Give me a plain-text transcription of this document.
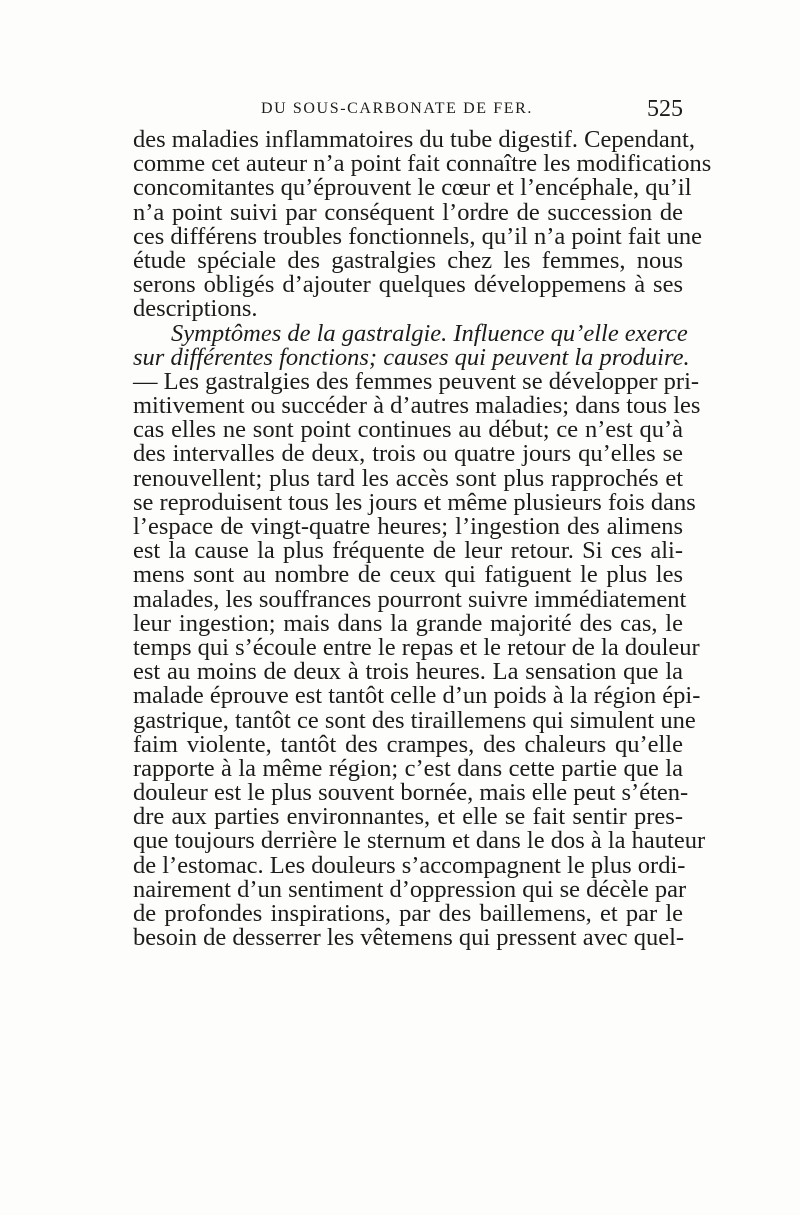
DU SOUS-CARBONATE DE FER.	525
des maladies inflammatoires du tube digestif. Cependant,
comme cet auteur n’a point fait connaître les modifications
concomitantes qu’éprouvent le cœur et l’encéphale, qu’il
n’a point suivi par conséquent l’ordre de succession de
ces différens troubles fonctionnels, qu’il n’a point fait une
étude spéciale des gastralgies chez les femmes, nous
serons obligés d’ajouter quelques développemens à ses
descriptions.
Symptômes de la gastralgie. Influence qu’elle exerce
sur différentes fonctions; causes qui peuvent la produire.
— Les gastralgies des femmes peuvent se développer pri-
mitivement ou succéder à d’autres maladies; dans tous les
cas elles ne sont point continues au début; ce n’est qu’à
des intervalles de deux, trois ou quatre jours qu’elles se
renouvellent; plus tard les accès sont plus rapprochés et
se reproduisent tous les jours et même plusieurs fois dans
l’espace de vingt-quatre heures; l’ingestion des alimens
est la cause la plus fréquente de leur retour. Si ces ali-
mens sont au nombre de ceux qui fatiguent le plus les
malades, les souffrances pourront suivre immédiatement
leur ingestion; mais dans la grande majorité des cas, le
temps qui s’écoule entre le repas et le retour de la douleur
est au moins de deux à trois heures. La sensation que la
malade éprouve est tantôt celle d’un poids à la région épi-
gastrique, tantôt ce sont des tiraillemens qui simulent une
faim violente, tantôt des crampes, des chaleurs qu’elle
rapporte à la même région; c’est dans cette partie que la
douleur est le plus souvent bornée, mais elle peut s’éten-
dre aux parties environnantes, et elle se fait sentir pres-
que toujours derrière le sternum et dans le dos à la hauteur
de l’estomac. Les douleurs s’accompagnent le plus ordi-
nairement d’un sentiment d’oppression qui se décèle par
de profondes inspirations, par des baillemens, et par le
besoin de desserrer les vêtemens qui pressent avec quel-
